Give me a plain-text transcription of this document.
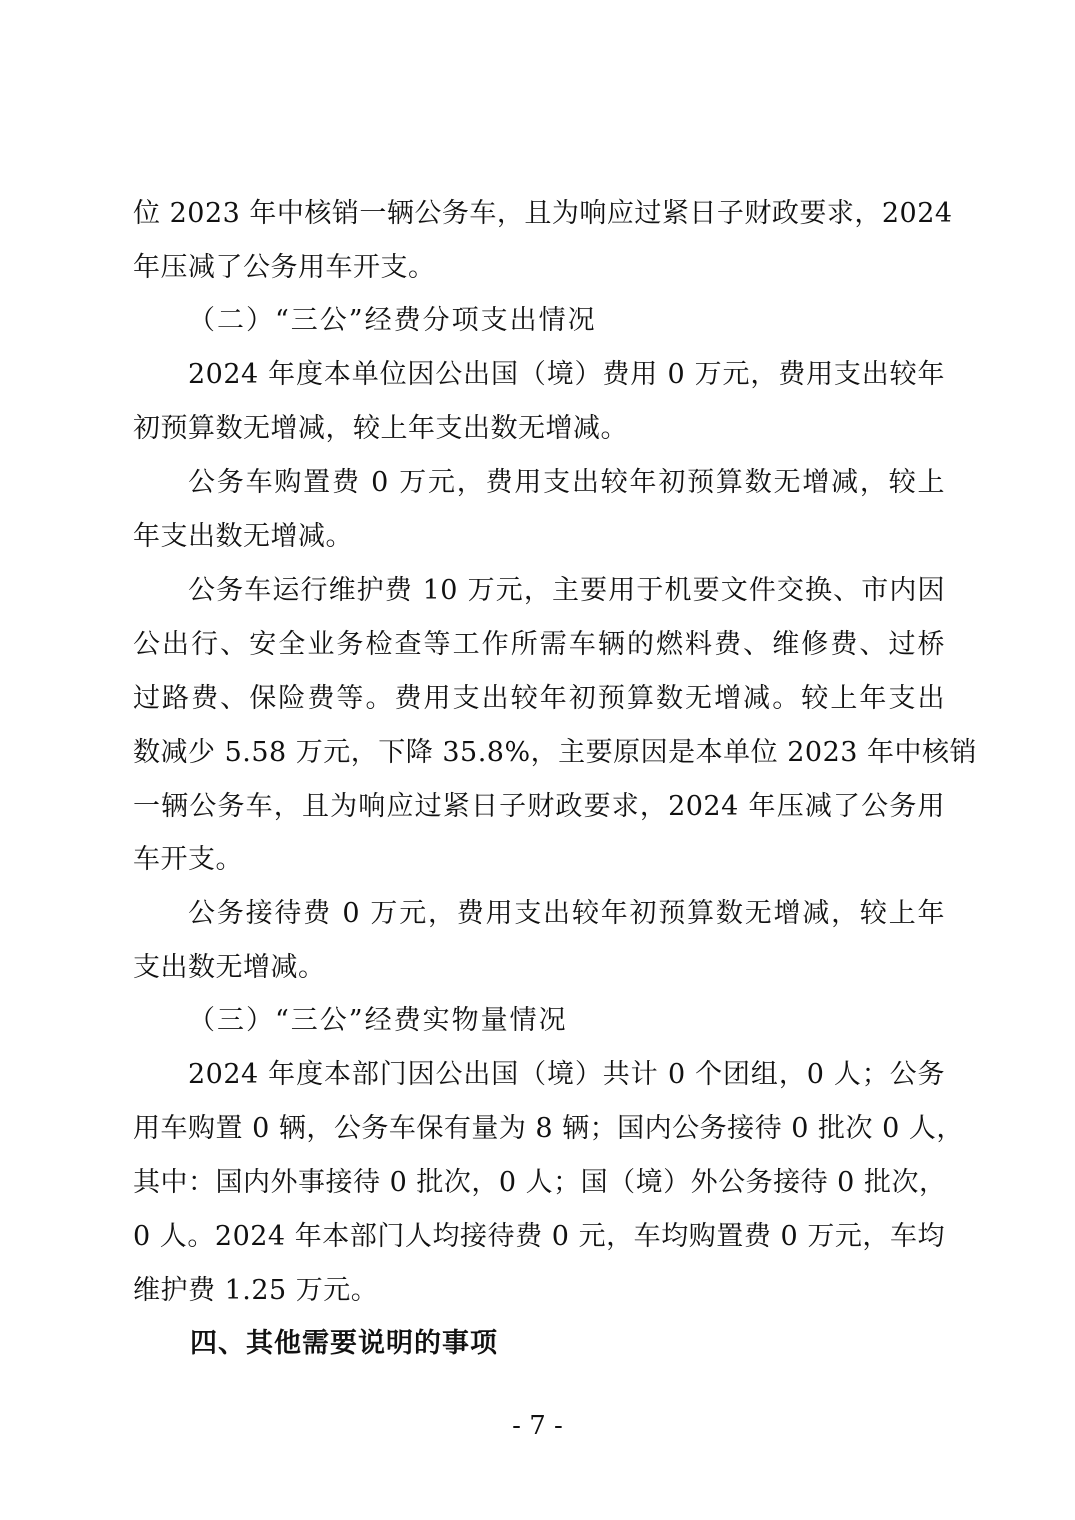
位 2023 年中核销一辆公务车，且为响应过紧日子财政要求，2024
年压减了公务用车开支。
（二）“三公”经费分项支出情况
2024 年度本单位因公出国（境）费用 0 万元，费用支出较年
初预算数无增减，较上年支出数无增减。
公务车购置费 0 万元，费用支出较年初预算数无增减，较上
年支出数无增减。
公务车运行维护费 10 万元，主要用于机要文件交换、市内因
公出行、安全业务检查等工作所需车辆的燃料费、维修费、过桥
过路费、保险费等。费用支出较年初预算数无增减。较上年支出
数减少 5.58 万元，下降 35.8%，主要原因是本单位 2023 年中核销
一辆公务车，且为响应过紧日子财政要求，2024 年压减了公务用
车开支。
公务接待费 0 万元，费用支出较年初预算数无增减，较上年
支出数无增减。
（三）“三公”经费实物量情况
2024 年度本部门因公出国（境）共计 0 个团组，0 人；公务
用车购置 0 辆，公务车保有量为 8 辆；国内公务接待 0 批次 0 人，
其中：国内外事接待 0 批次，0 人；国（境）外公务接待 0 批次，
0 人。2024 年本部门人均接待费 0 元，车均购置费 0 万元，车均
维护费 1.25 万元。
四、其他需要说明的事项
- 7 -
